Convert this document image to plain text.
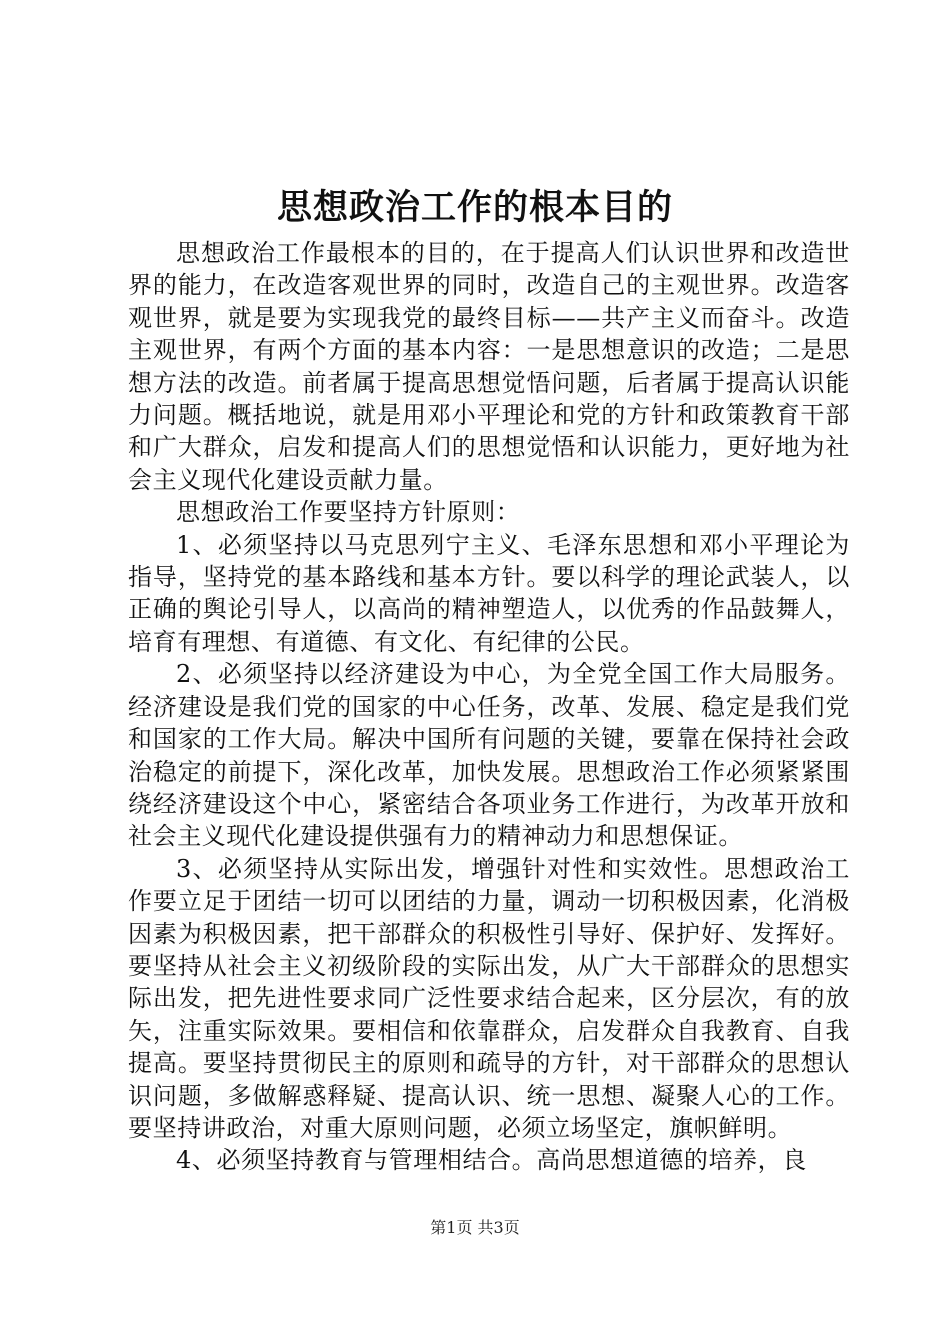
思想政治工作的根本目的

思想政治工作最根本的目的，在于提高人们认识世界和改造世界的能力，在改造客观世界的同时，改造自己的主观世界。改造客观世界，就是要为实现我党的最终目标——共产主义而奋斗。改造主观世界，有两个方面的基本内容：一是思想意识的改造；二是思想方法的改造。前者属于提高思想觉悟问题，后者属于提高认识能力问题。概括地说，就是用邓小平理论和党的方针和政策教育干部和广大群众，启发和提高人们的思想觉悟和认识能力，更好地为社会主义现代化建设贡献力量。

思想政治工作要坚持方针原则：

1、必须坚持以马克思列宁主义、毛泽东思想和邓小平理论为指导，坚持党的基本路线和基本方针。要以科学的理论武装人，以正确的舆论引导人，以高尚的精神塑造人，以优秀的作品鼓舞人，培育有理想、有道德、有文化、有纪律的公民。

2、必须坚持以经济建设为中心，为全党全国工作大局服务。经济建设是我们党的国家的中心任务，改革、发展、稳定是我们党和国家的工作大局。解决中国所有问题的关键，要靠在保持社会政治稳定的前提下，深化改革，加快发展。思想政治工作必须紧紧围绕经济建设这个中心，紧密结合各项业务工作进行，为改革开放和社会主义现代化建设提供强有力的精神动力和思想保证。

3、必须坚持从实际出发，增强针对性和实效性。思想政治工作要立足于团结一切可以团结的力量，调动一切积极因素，化消极因素为积极因素，把干部群众的积极性引导好、保护好、发挥好。要坚持从社会主义初级阶段的实际出发，从广大干部群众的思想实际出发，把先进性要求同广泛性要求结合起来，区分层次，有的放矢，注重实际效果。要相信和依靠群众，启发群众自我教育、自我提高。要坚持贯彻民主的原则和疏导的方针，对干部群众的思想认识问题，多做解惑释疑、提高认识、统一思想、凝聚人心的工作。要坚持讲政治，对重大原则问题，必须立场坚定，旗帜鲜明。

4、必须坚持教育与管理相结合。高尚思想道德的培养，良

第1页 共3页
